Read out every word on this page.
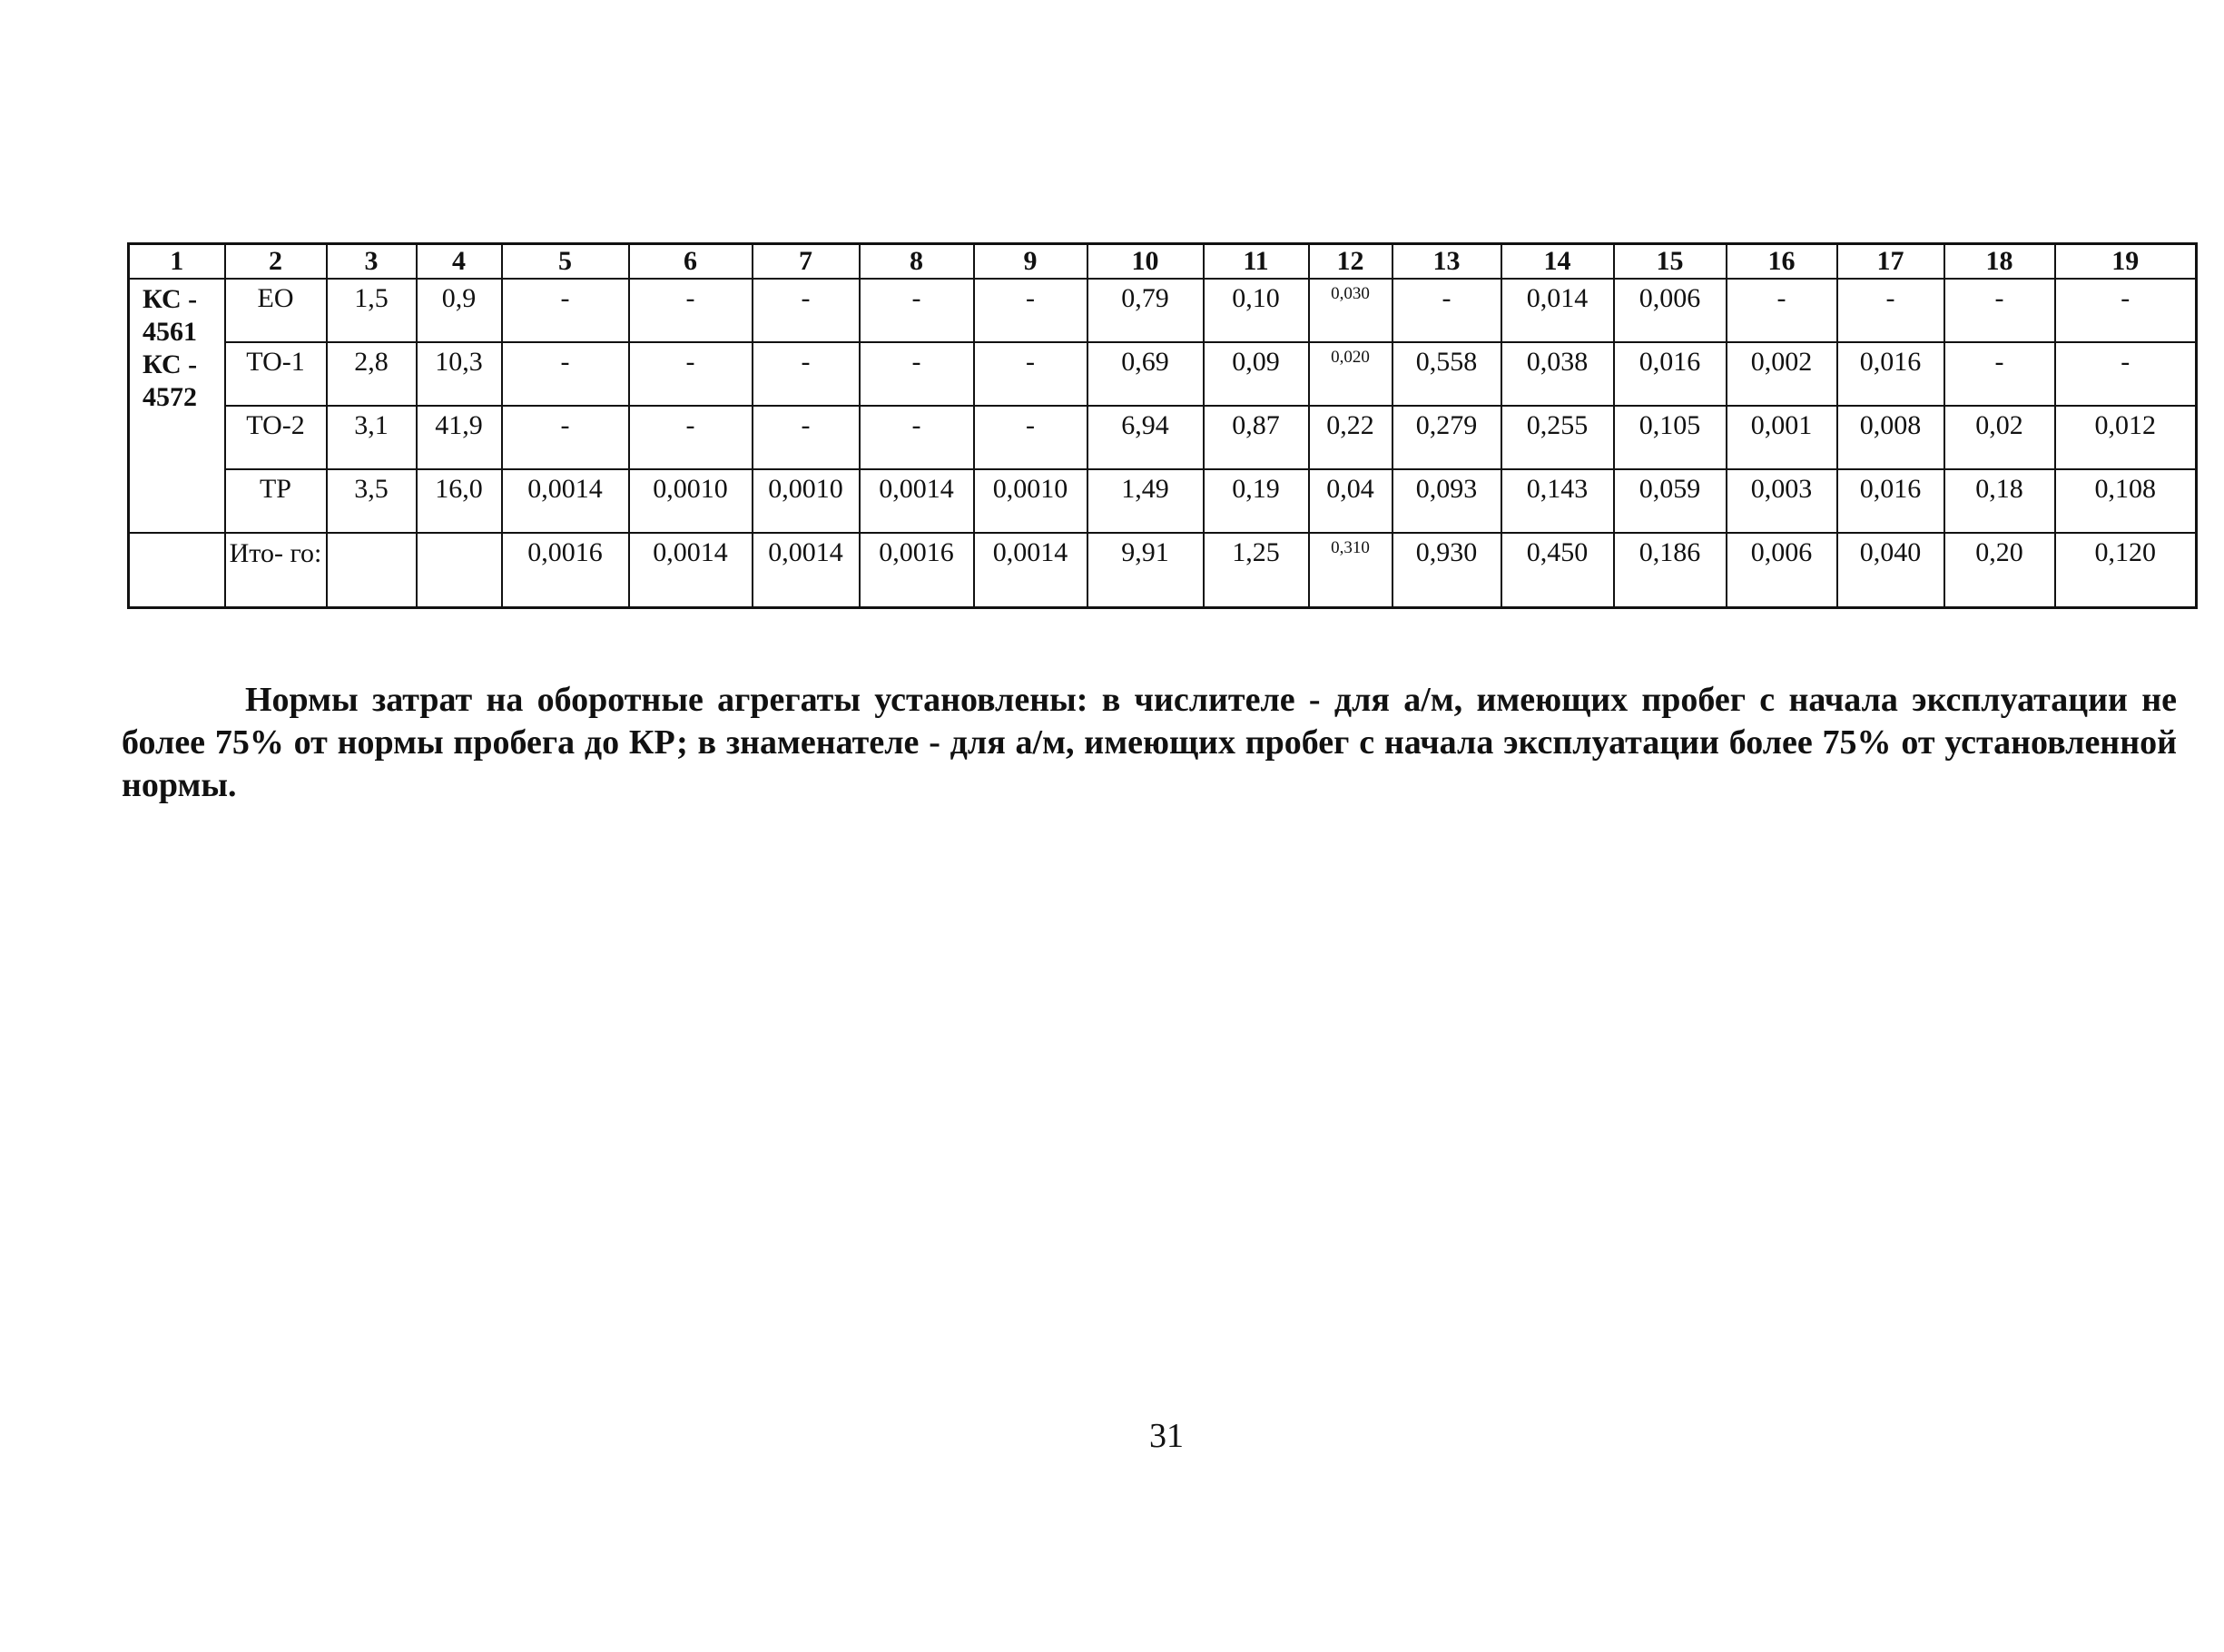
1	2	3	4	5	6	7	8	9	10	11	12	13	14	15	16	17	18	19

КС -
4561
КС -
4572	ЕО	1,5	0,9	-	-	-	-	-	0,79	0,10	0,030	-	0,014	0,006	-	-	-	-
	ТО-1	2,8	10,3	-	-	-	-	-	0,69	0,09	0,020	0,558	0,038	0,016	0,002	0,016	-	-
	ТО-2	3,1	41,9	-	-	-	-	-	6,94	0,87	0,22	0,279	0,255	0,105	0,001	0,008	0,02	0,012
	ТР	3,5	16,0	0,0014	0,0010	0,0010	0,0014	0,0010	1,49	0,19	0,04	0,093	0,143	0,059	0,003	0,016	0,18	0,108
	Ито- го:			0,0016	0,0014	0,0014	0,0016	0,0014	9,91	1,25	0,310	0,930	0,450	0,186	0,006	0,040	0,20	0,120

Нормы затрат на оборотные агрегаты установлены: в числителе - для а/м, имеющих пробег с начала эксплуатации не более 75% от нормы пробега до КР; в знаменателе - для а/м, имеющих пробег с начала эксплуатации более 75% от установленной нормы.

31
